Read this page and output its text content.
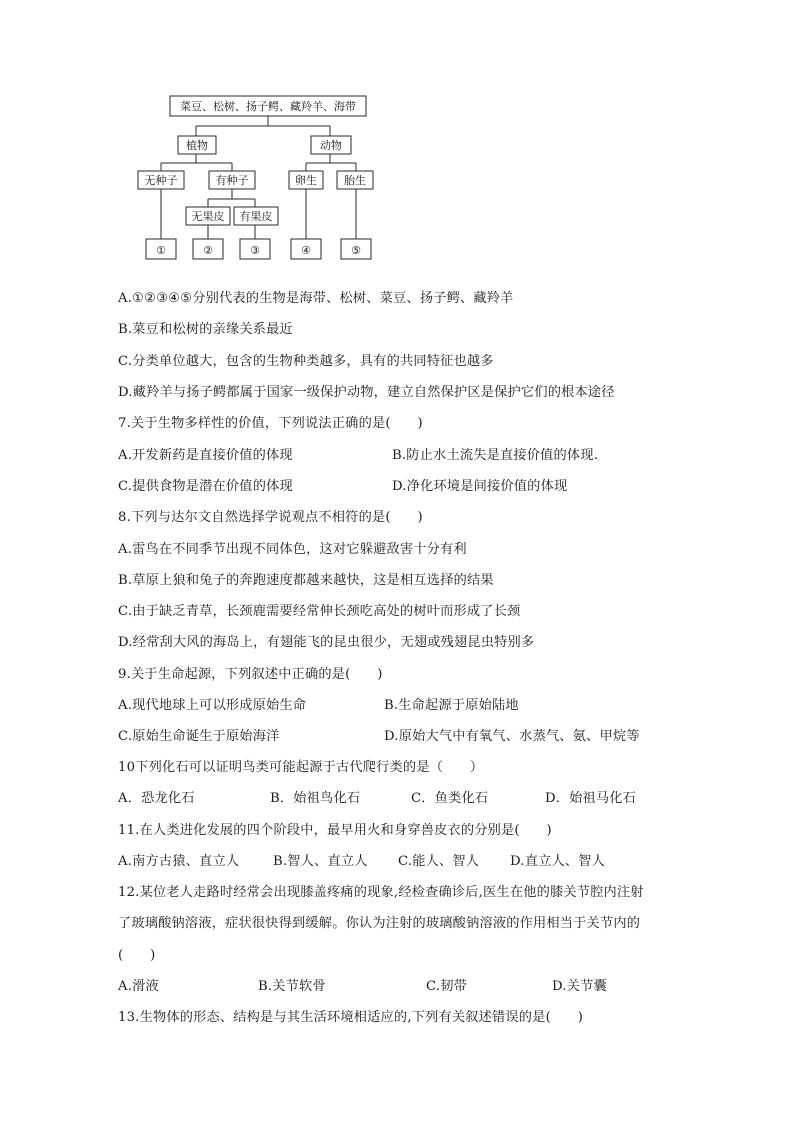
菜豆、松树、扬子鳄、藏羚羊、海带
植物	动物
无种子	有种子	卵生 胎生
无果皮 有果皮
①	②	③	④	⑤
A.①②③④⑤分别代表的生物是海带、松树、菜豆、扬子鳄、藏羚羊
B.菜豆和松树的亲缘关系最近
C.分类单位越大，包含的生物种类越多，具有的共同特征也越多
D.藏羚羊与扬子鳄都属于国家一级保护动物，建立自然保护区是保护它们的根本途径
7.关于生物多样性的价值，下列说法正确的是(　　)
A.开发新药是直接价值的体现	B.防止水土流失是直接价值的体现.
C.提供食物是潜在价值的体现	D.净化环境是间接价值的体现
8.下列与达尔文自然选择学说观点不相符的是(　　)
A.雷鸟在不同季节出现不同体色，这对它躲避敌害十分有利
B.草原上狼和兔子的奔跑速度都越来越快，这是相互选择的结果
C.由于缺乏青草，长颈鹿需要经常伸长颈吃高处的树叶而形成了长颈
D.经常刮大风的海岛上，有翅能飞的昆虫很少，无翅或残翅昆虫特别多
9.关于生命起源，下列叙述中正确的是(　　)
A.现代地球上可以形成原始生命	B.生命起源于原始陆地
C.原始生命诞生于原始海洋	D.原始大气中有氧气、水蒸气、氨、甲烷等
10下列化石可以证明鸟类可能起源于古代爬行类的是（　　）
A．恐龙化石	B．始祖鸟化石	C．鱼类化石	D．始祖马化石
11.在人类进化发展的四个阶段中，最早用火和身穿兽皮衣的分别是(　　)
A.南方古猿、直立人	B.智人、直立人 C.能人、智人 D.直立人、智人
12.某位老人走路时经常会出现膝盖疼痛的现象,经检查确诊后,医生在他的膝关节腔内注射
了玻璃酸钠溶液，症状很快得到缓解。你认为注射的玻璃酸钠溶液的作用相当于关节内的
(　　)
A.滑液	B.关节软骨	C.韧带	D.关节囊
13.生物体的形态、结构是与其生活环境相适应的,下列有关叙述错误的是(　　)
